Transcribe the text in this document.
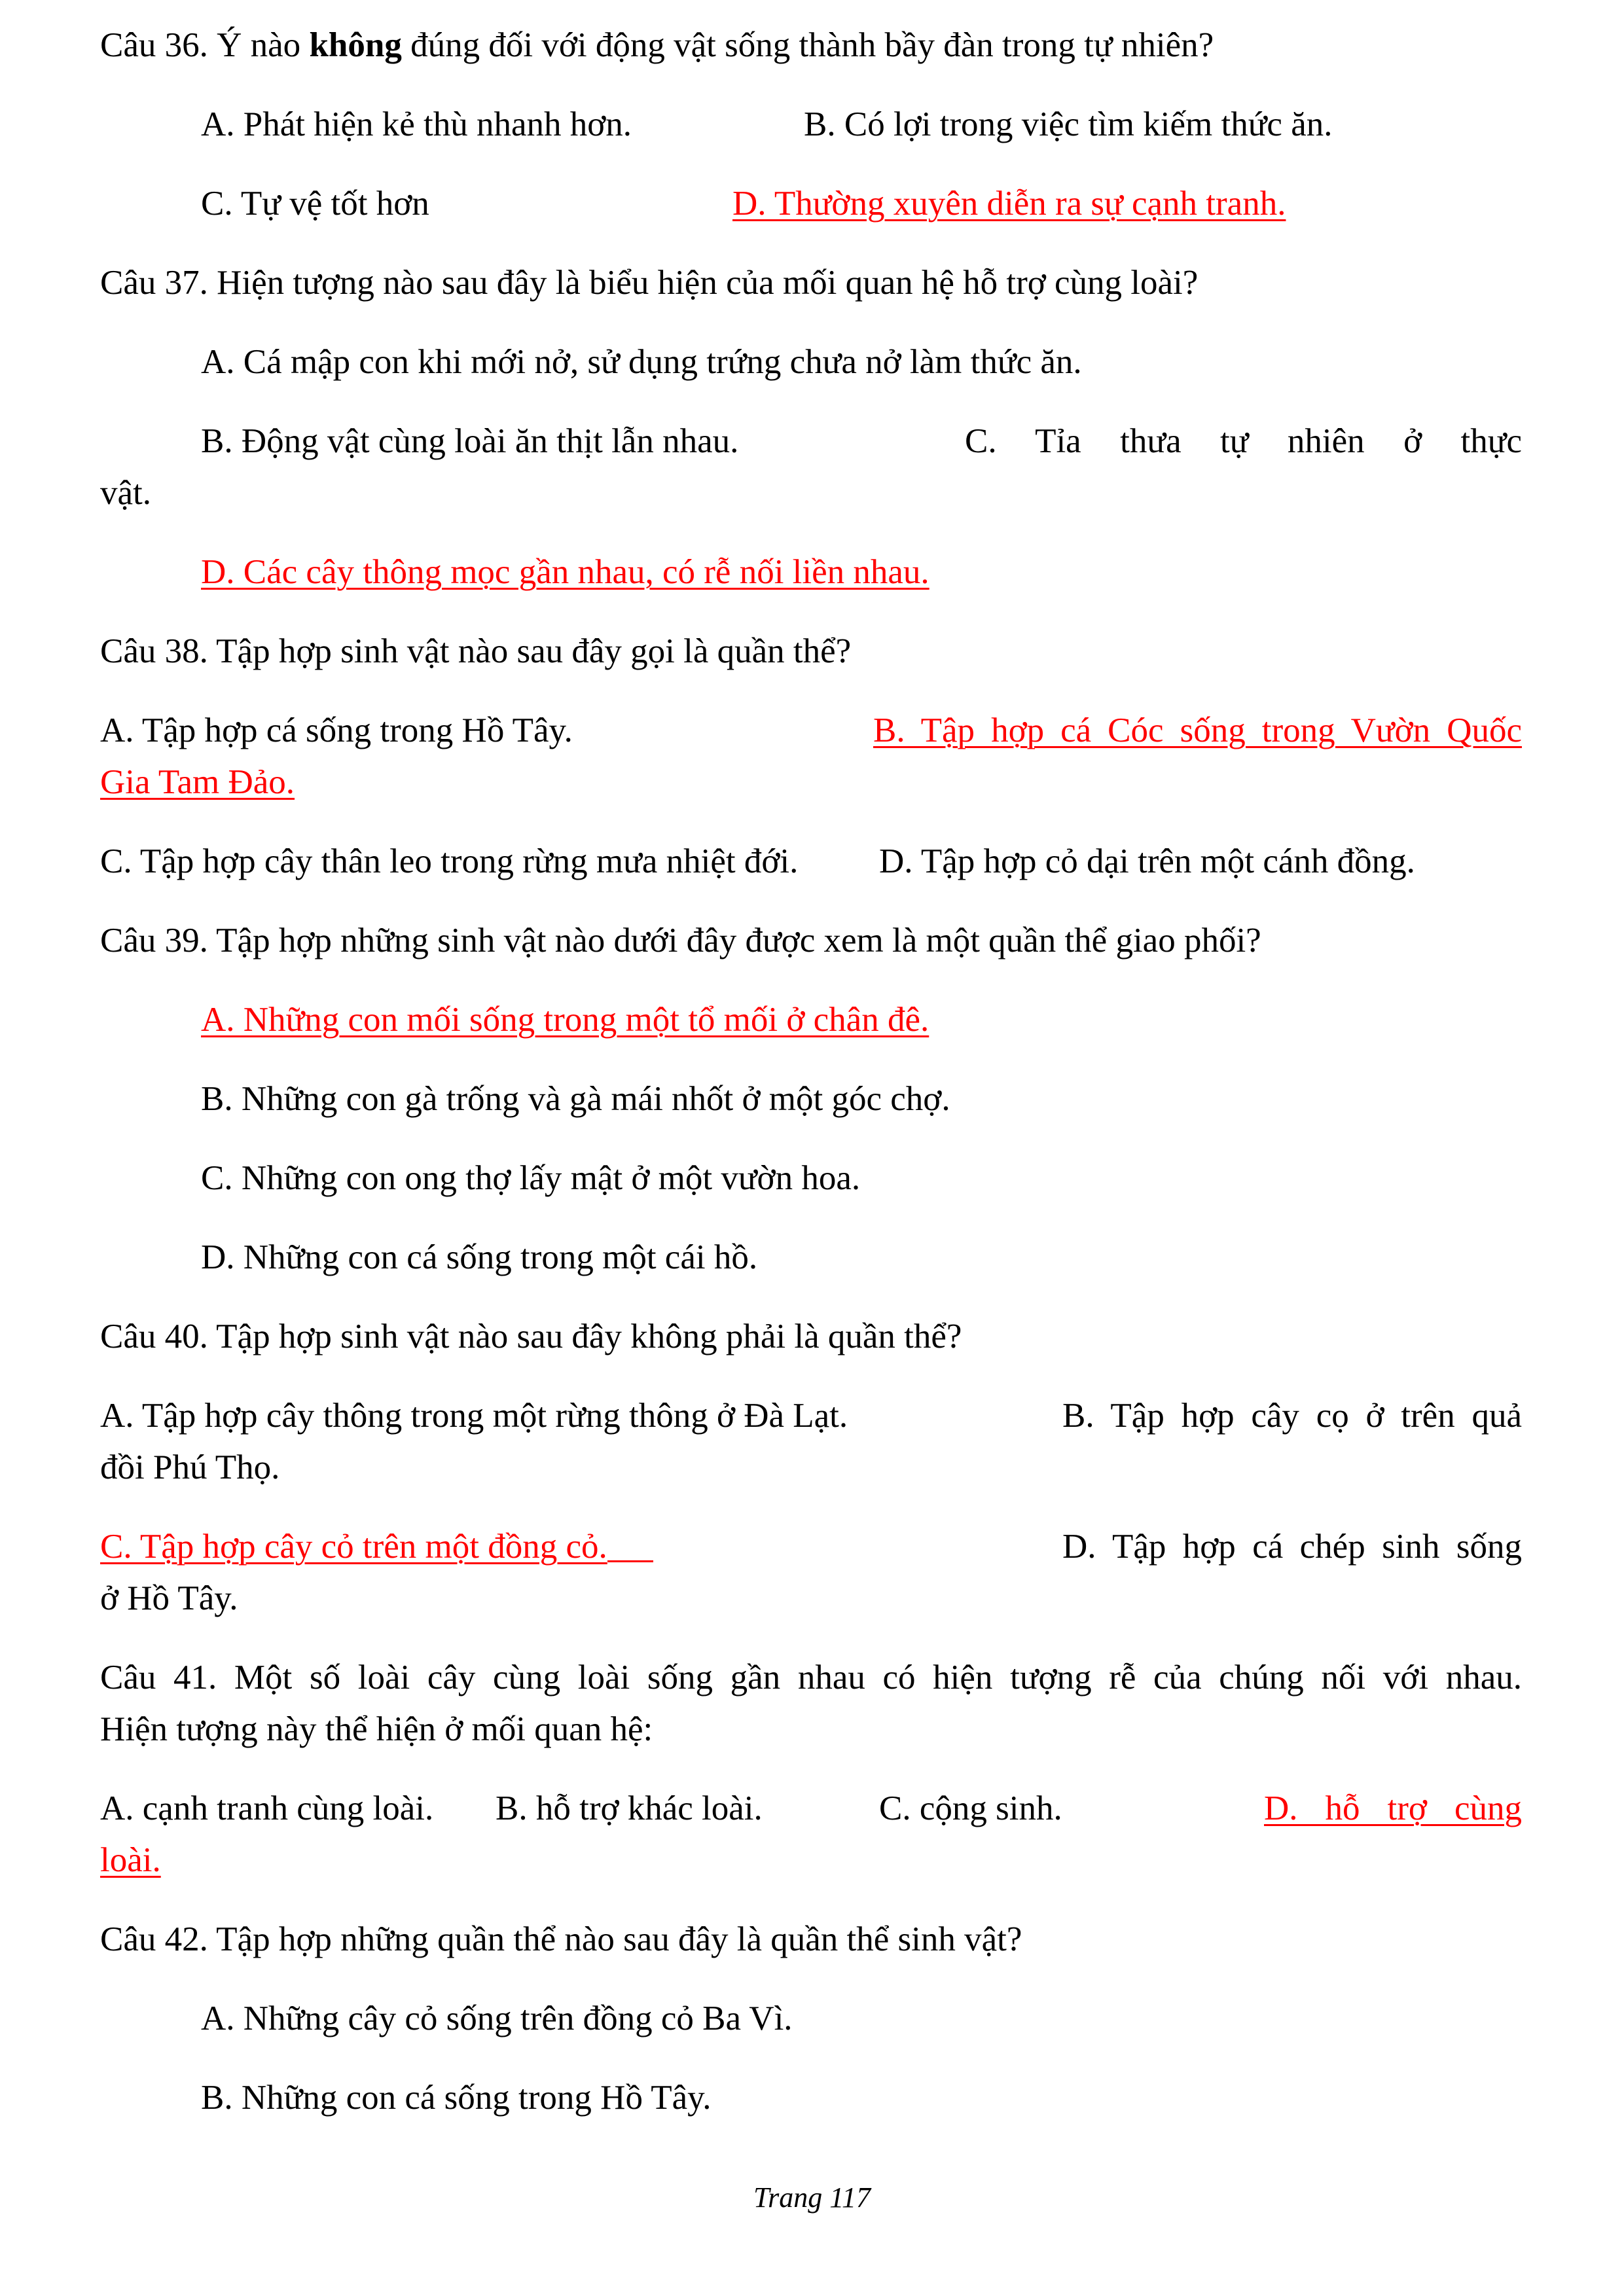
Câu 36. Ý nào không đúng đối với động vật sống thành bầy đàn trong tự nhiên?
A. Phát hiện kẻ thù nhanh hơn.	B. Có lợi trong việc tìm kiếm thức ăn.
C. Tự vệ tốt hơn	D. Thường xuyên diễn ra sự cạnh tranh.
Câu 37. Hiện tượng nào sau đây là biểu hiện của mối quan hệ hỗ trợ cùng loài?
A. Cá mập con khi mới nở, sử dụng trứng chưa nở làm thức ăn.
B. Động vật cùng loài ăn thịt lẫn nhau.	C. Tỉa thưa tự nhiên ở thực
vật.
D. Các cây thông mọc gần nhau, có rễ nối liền nhau.
Câu 38. Tập hợp sinh vật nào sau đây gọi là quần thể?
A. Tập hợp cá sống trong Hồ Tây.	B. Tập hợp cá Cóc sống trong Vườn Quốc
Gia Tam Đảo.
C. Tập hợp cây thân leo trong rừng mưa nhiệt đới.	D. Tập hợp cỏ dại trên một cánh đồng.
Câu 39. Tập hợp những sinh vật nào dưới đây được xem là một quần thể giao phối?
A. Những con mối sống trong một tổ mối ở chân đê.
B. Những con gà trống và gà mái nhốt ở một góc chợ.
C. Những con ong thợ lấy mật ở một vườn hoa.
D. Những con cá sống trong một cái hồ.
Câu 40. Tập hợp sinh vật nào sau đây không phải là quần thể?
A. Tập hợp cây thông trong một rừng thông ở Đà Lạt.	B. Tập hợp cây cọ ở trên quả
đồi Phú Thọ.
C. Tập hợp cây cỏ trên một đồng cỏ.	D. Tập hợp cá chép sinh sống
ở Hồ Tây.
Câu 41. Một số loài cây cùng loài sống gần nhau có hiện tượng rễ của chúng nối với nhau.
Hiện tượng này thể hiện ở mối quan hệ:
A. cạnh tranh cùng loài.	B. hỗ trợ khác loài.	C. cộng sinh.	D. hỗ trợ cùng
loài.
Câu 42. Tập hợp những quần thể nào sau đây là quần thể sinh vật?
A. Những cây cỏ sống trên đồng cỏ Ba Vì.
B. Những con cá sống trong Hồ Tây.
Trang 117
